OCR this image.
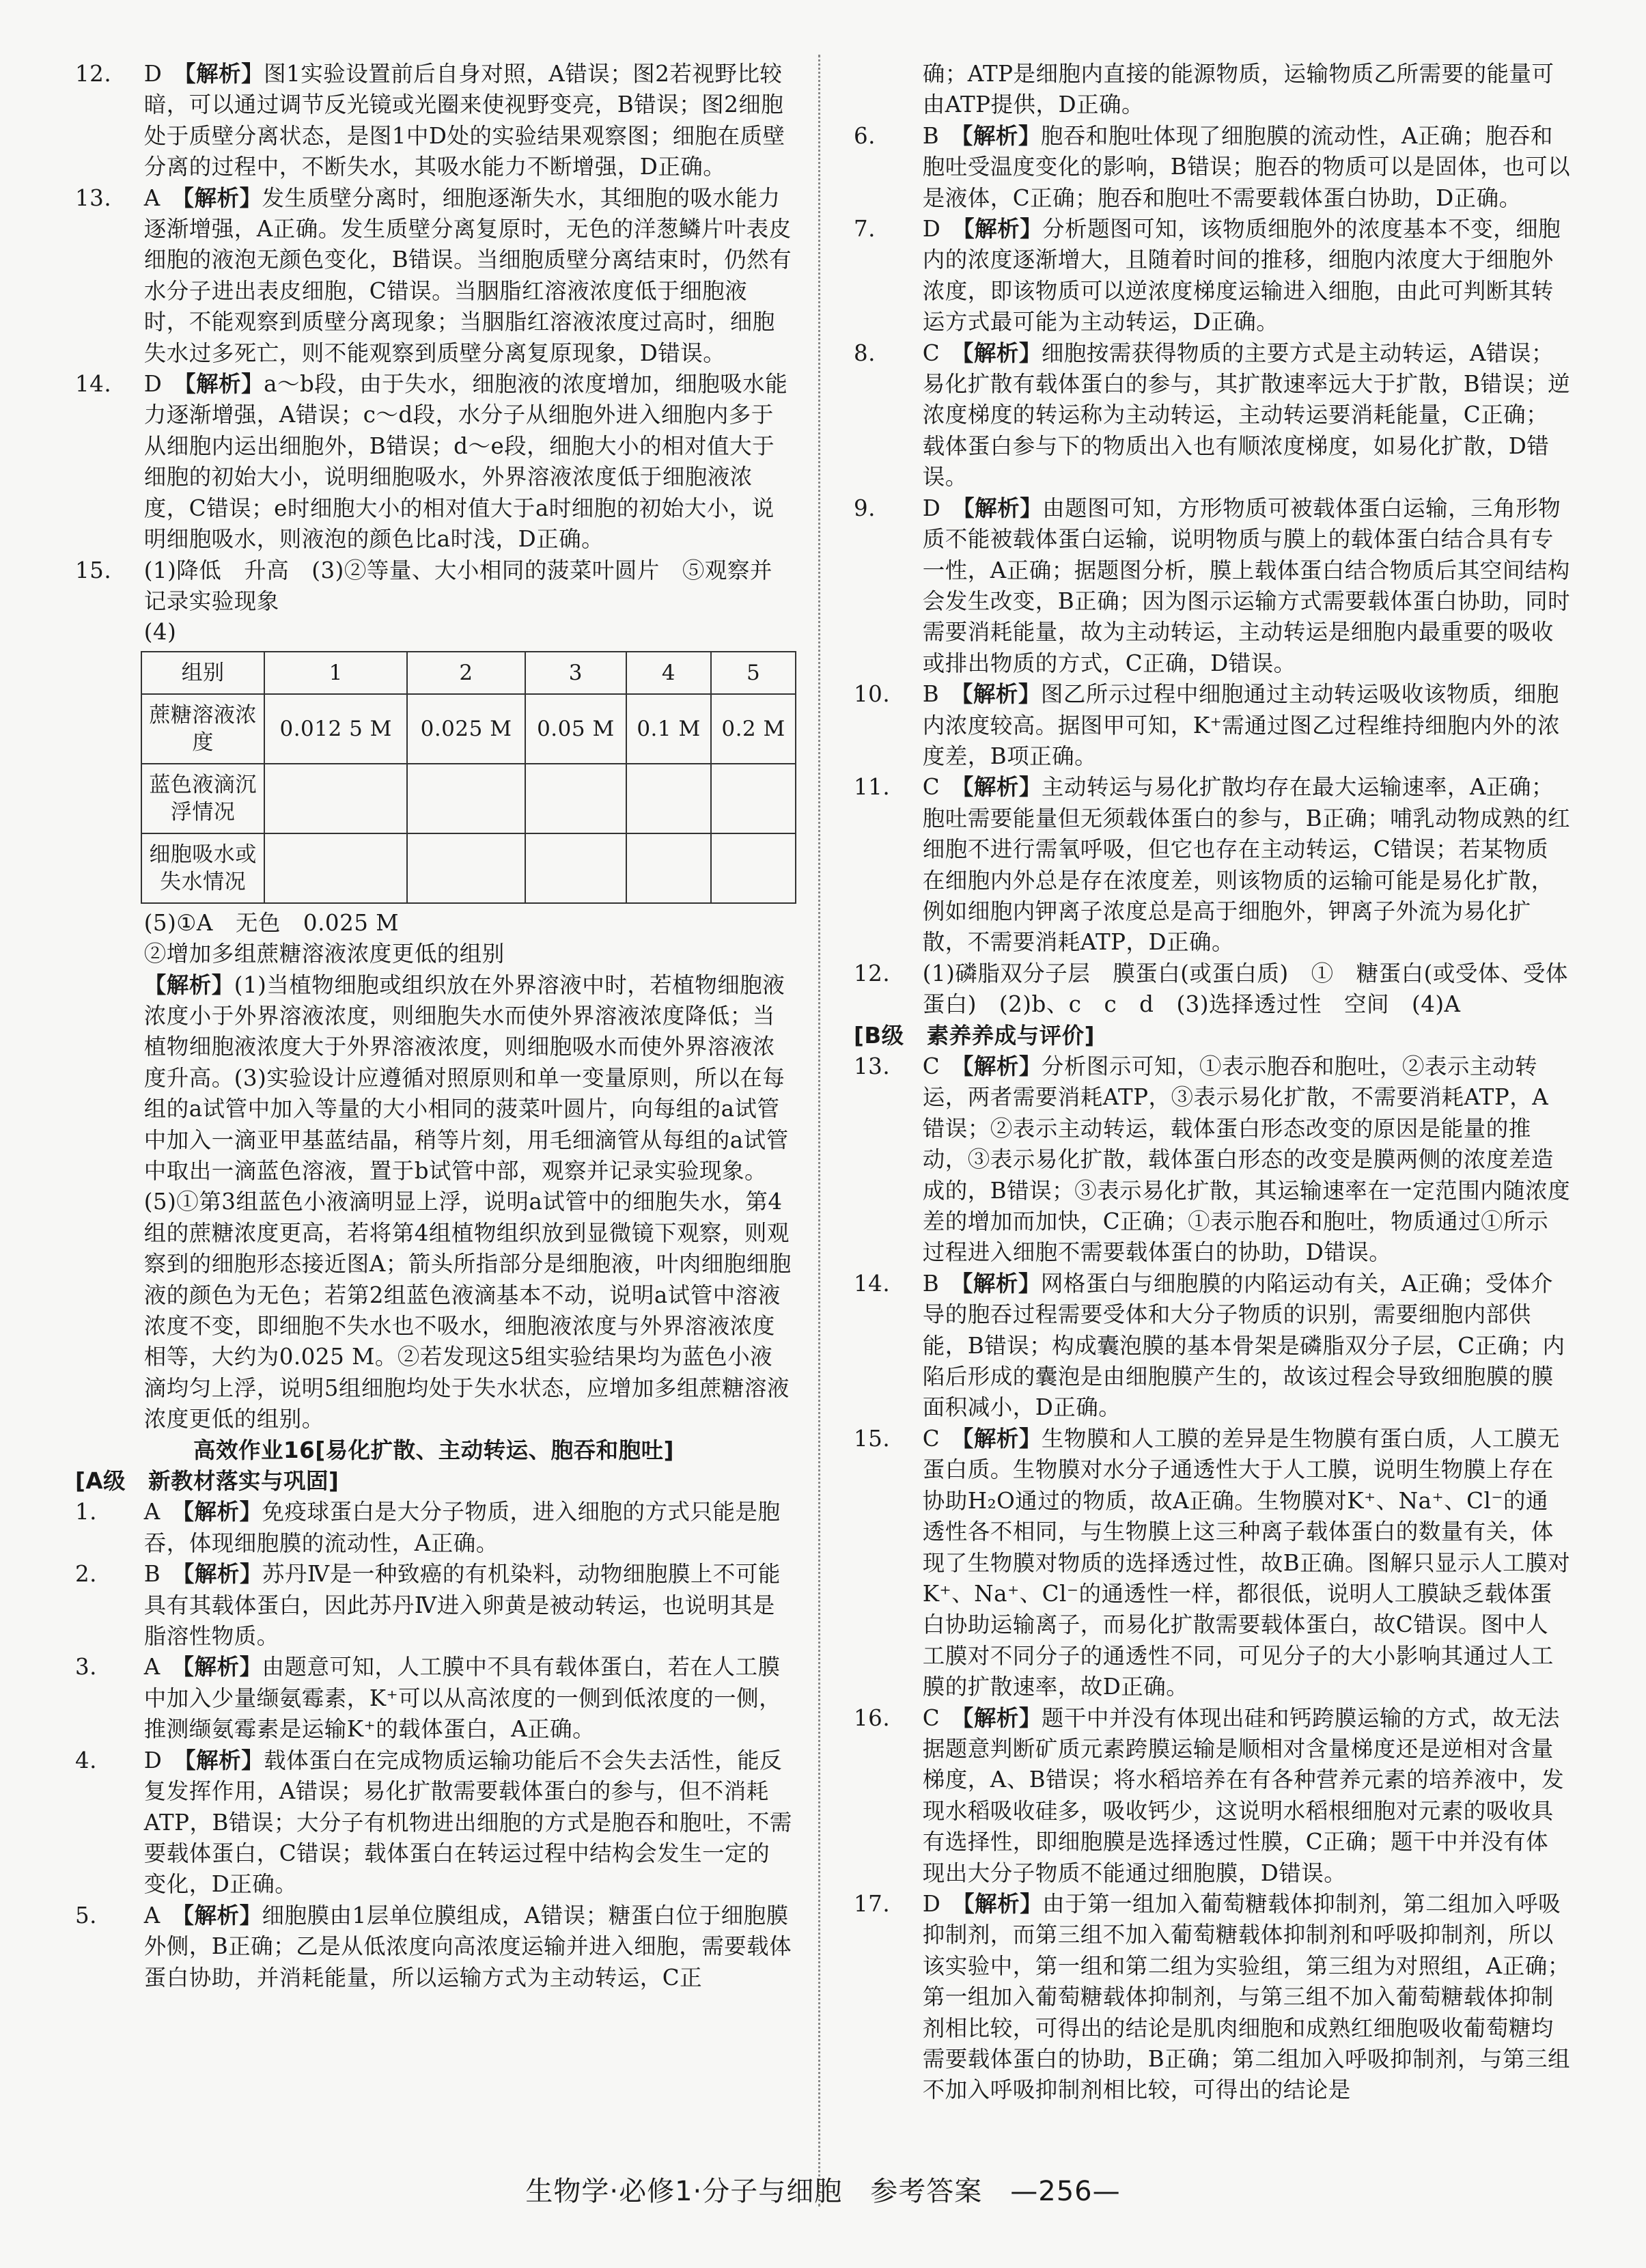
12. D　 【解析】图1实验设置前后自身对照，A错误；图2若视野比较暗，可以通过调节反光镜或光圈来使视野变亮，B错误；图2细胞处于质壁分离状态，是图1中D处的实验结果观察图；细胞在质壁分离的过程中，不断失水，其吸水能力不断增强，D正确。

13. A　 【解析】发生质壁分离时，细胞逐渐失水，其细胞的吸水能力逐渐增强，A正确。发生质壁分离复原时，无色的洋葱鳞片叶表皮细胞的液泡无颜色变化，B错误。当细胞质壁分离结束时，仍然有水分子进出表皮细胞，C错误。当胭脂红溶液浓度低于细胞液时，不能观察到质壁分离现象；当胭脂红溶液浓度过高时，细胞失水过多死亡，则不能观察到质壁分离复原现象，D错误。

14. D　 【解析】a～b段，由于失水，细胞液的浓度增加，细胞吸水能力逐渐增强，A错误；c～d段，水分子从细胞外进入细胞内多于从细胞内运出细胞外，B错误；d～e段，细胞大小的相对值大于细胞的初始大小，说明细胞吸水，外界溶液浓度低于细胞液浓度，C错误；e时细胞大小的相对值大于a时细胞的初始大小，说明细胞吸水，则液泡的颜色比a时浅，D正确。

15. (1)降低　升高　(3)②等量、大小相同的菠菜叶圆片　⑤观察并记录实验现象

(4)

组别	1	2	3	4	5
蔗糖溶液浓度	0.012 5 M	0.025 M	0.05 M	0.1 M	0.2 M
蓝色液滴沉浮情况					
细胞吸水或失水情况					

(5)①A　无色　0.025 M

②增加多组蔗糖溶液浓度更低的组别

【解析】(1)当植物细胞或组织放在外界溶液中时，若植物细胞液浓度小于外界溶液浓度，则细胞失水而使外界溶液浓度降低；当植物细胞液浓度大于外界溶液浓度，则细胞吸水而使外界溶液浓度升高。(3)实验设计应遵循对照原则和单一变量原则，所以在每组的a试管中加入等量的大小相同的菠菜叶圆片，向每组的a试管中加入一滴亚甲基蓝结晶，稍等片刻，用毛细滴管从每组的a试管中取出一滴蓝色溶液，置于b试管中部，观察并记录实验现象。(5)①第3组蓝色小液滴明显上浮，说明a试管中的细胞失水，第4组的蔗糖浓度更高，若将第4组植物组织放到显微镜下观察，则观察到的细胞形态接近图A；箭头所指部分是细胞液，叶肉细胞细胞液的颜色为无色；若第2组蓝色液滴基本不动，说明a试管中溶液浓度不变，即细胞不失水也不吸水，细胞液浓度与外界溶液浓度相等，大约为0.025 M。②若发现这5组实验结果均为蓝色小液滴均匀上浮，说明5组细胞均处于失水状态，应增加多组蔗糖溶液浓度更低的组别。

高效作业16[易化扩散、主动转运、胞吞和胞吐]

[A级　新教材落实与巩固]

1. A　 【解析】免疫球蛋白是大分子物质，进入细胞的方式只能是胞吞，体现细胞膜的流动性，A正确。

2. B　 【解析】苏丹Ⅳ是一种致癌的有机染料，动物细胞膜上不可能具有其载体蛋白，因此苏丹Ⅳ进入卵黄是被动转运，也说明其是脂溶性物质。

3. A　 【解析】由题意可知，人工膜中不具有载体蛋白，若在人工膜中加入少量缬氨霉素，K⁺可以从高浓度的一侧到低浓度的一侧，推测缬氨霉素是运输K⁺的载体蛋白，A正确。

4. D　 【解析】载体蛋白在完成物质运输功能后不会失去活性，能反复发挥作用，A错误；易化扩散需要载体蛋白的参与，但不消耗ATP，B错误；大分子有机物进出细胞的方式是胞吞和胞吐，不需要载体蛋白，C错误；载体蛋白在转运过程中结构会发生一定的变化，D正确。

5. A　 【解析】细胞膜由1层单位膜组成，A错误；糖蛋白位于细胞膜外侧，B正确；乙是从低浓度向高浓度运输并进入细胞，需要载体蛋白协助，并消耗能量，所以运输方式为主动转运，C正

确；ATP是细胞内直接的能源物质，运输物质乙所需要的能量可由ATP提供，D正确。

6. B　 【解析】胞吞和胞吐体现了细胞膜的流动性，A正确；胞吞和胞吐受温度变化的影响，B错误；胞吞的物质可以是固体，也可以是液体，C正确；胞吞和胞吐不需要载体蛋白协助，D正确。

7. D　 【解析】分析题图可知，该物质细胞外的浓度基本不变，细胞内的浓度逐渐增大，且随着时间的推移，细胞内浓度大于细胞外浓度，即该物质可以逆浓度梯度运输进入细胞，由此可判断其转运方式最可能为主动转运，D正确。

8. C　 【解析】细胞按需获得物质的主要方式是主动转运，A错误；易化扩散有载体蛋白的参与，其扩散速率远大于扩散，B错误；逆浓度梯度的转运称为主动转运，主动转运要消耗能量，C正确；载体蛋白参与下的物质出入也有顺浓度梯度，如易化扩散，D错误。

9. D　 【解析】由题图可知，方形物质可被载体蛋白运输，三角形物质不能被载体蛋白运输，说明物质与膜上的载体蛋白结合具有专一性，A正确；据题图分析，膜上载体蛋白结合物质后其空间结构会发生改变，B正确；因为图示运输方式需要载体蛋白协助，同时需要消耗能量，故为主动转运，主动转运是细胞内最重要的吸收或排出物质的方式，C正确，D错误。

10. B　 【解析】图乙所示过程中细胞通过主动转运吸收该物质，细胞内浓度较高。据图甲可知，K⁺需通过图乙过程维持细胞内外的浓度差，B项正确。

11. C　 【解析】主动转运与易化扩散均存在最大运输速率，A正确；胞吐需要能量但无须载体蛋白的参与，B正确；哺乳动物成熟的红细胞不进行需氧呼吸，但它也存在主动转运，C错误；若某物质在细胞内外总是存在浓度差，则该物质的运输可能是易化扩散，例如细胞内钾离子浓度总是高于细胞外，钾离子外流为易化扩散，不需要消耗ATP，D正确。

12. (1)磷脂双分子层　膜蛋白(或蛋白质)　①　糖蛋白(或受体、受体蛋白)　(2)b、c　c　d　(3)选择透过性　空间　(4)A

[B级　素养养成与评价]

13. C　 【解析】分析图示可知，①表示胞吞和胞吐，②表示主动转运，两者需要消耗ATP，③表示易化扩散，不需要消耗ATP，A错误；②表示主动转运，载体蛋白形态改变的原因是能量的推动，③表示易化扩散，载体蛋白形态的改变是膜两侧的浓度差造成的，B错误；③表示易化扩散，其运输速率在一定范围内随浓度差的增加而加快，C正确；①表示胞吞和胞吐，物质通过①所示过程进入细胞不需要载体蛋白的协助，D错误。

14. B　 【解析】网格蛋白与细胞膜的内陷运动有关，A正确；受体介导的胞吞过程需要受体和大分子物质的识别，需要细胞内部供能，B错误；构成囊泡膜的基本骨架是磷脂双分子层，C正确；内陷后形成的囊泡是由细胞膜产生的，故该过程会导致细胞膜的膜面积减小，D正确。

15. C　 【解析】生物膜和人工膜的差异是生物膜有蛋白质，人工膜无蛋白质。生物膜对水分子通透性大于人工膜，说明生物膜上存在协助H₂O通过的物质，故A正确。生物膜对K⁺、Na⁺、Cl⁻的通透性各不相同，与生物膜上这三种离子载体蛋白的数量有关，体现了生物膜对物质的选择透过性，故B正确。图解只显示人工膜对K⁺、Na⁺、Cl⁻的通透性一样，都很低，说明人工膜缺乏载体蛋白协助运输离子，而易化扩散需要载体蛋白，故C错误。图中人工膜对不同分子的通透性不同，可见分子的大小影响其通过人工膜的扩散速率，故D正确。

16. C　 【解析】题干中并没有体现出硅和钙跨膜运输的方式，故无法据题意判断矿质元素跨膜运输是顺相对含量梯度还是逆相对含量梯度，A、B错误；将水稻培养在有各种营养元素的培养液中，发现水稻吸收硅多，吸收钙少，这说明水稻根细胞对元素的吸收具有选择性，即细胞膜是选择透过性膜，C正确；题干中并没有体现出大分子物质不能通过细胞膜，D错误。

17. D　 【解析】由于第一组加入葡萄糖载体抑制剂，第二组加入呼吸抑制剂，而第三组不加入葡萄糖载体抑制剂和呼吸抑制剂，所以该实验中，第一组和第二组为实验组，第三组为对照组，A正确；第一组加入葡萄糖载体抑制剂，与第三组不加入葡萄糖载体抑制剂相比较，可得出的结论是肌肉细胞和成熟红细胞吸收葡萄糖均需要载体蛋白的协助，B正确；第二组加入呼吸抑制剂，与第三组不加入呼吸抑制剂相比较，可得出的结论是

生物学·必修1·分子与细胞　 参考答案　 —256—
